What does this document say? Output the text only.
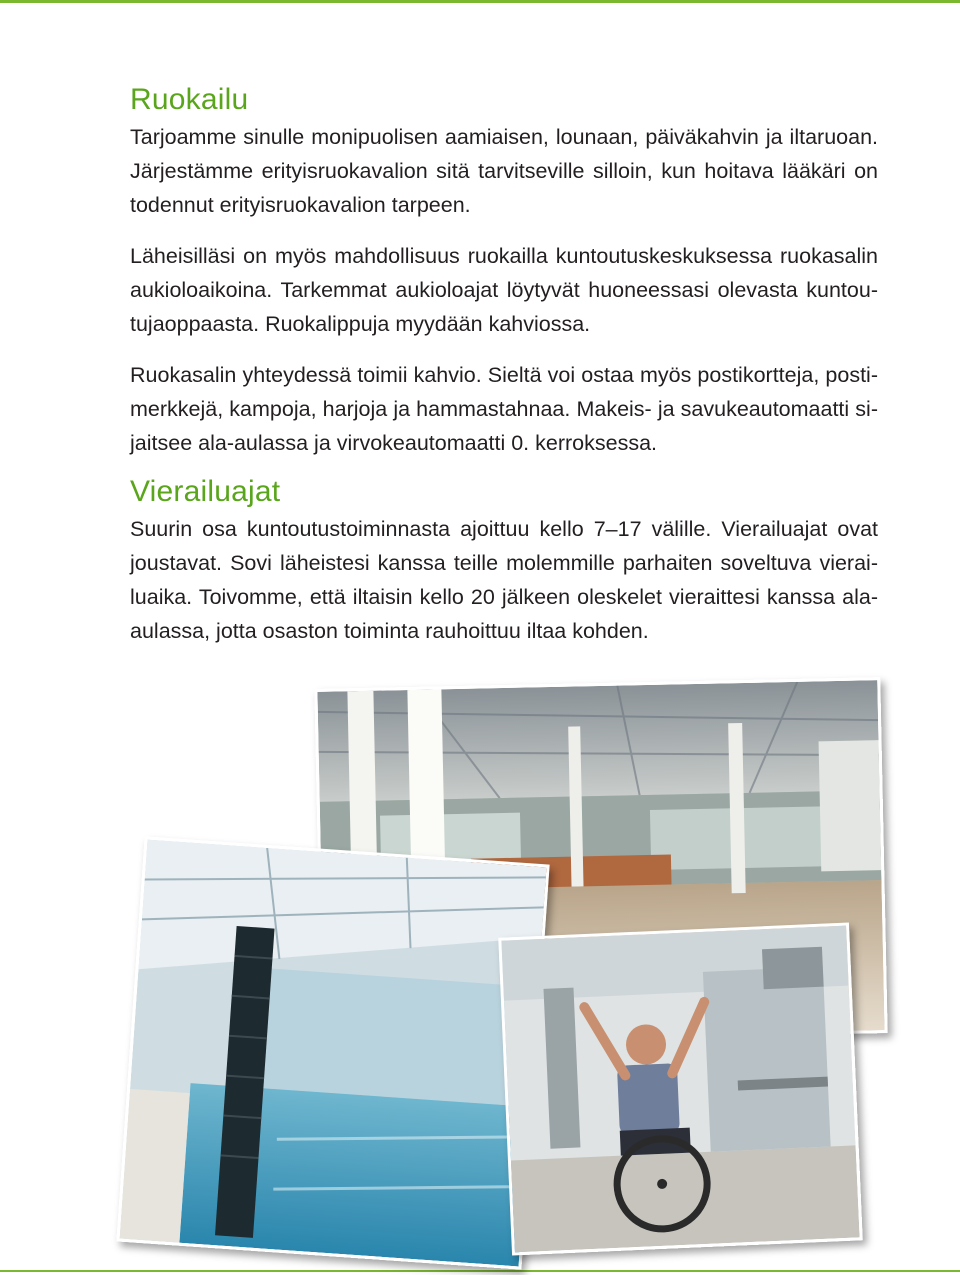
Ruokailu

Tarjoamme sinulle monipuolisen aamiaisen, lounaan, päiväkahvin ja iltaruoan. Järjestämme erityisruokavalion sitä tarvitseville silloin, kun hoitava lääkäri on todennut erityisruokavalion tarpeen.

Läheisilläsi on myös mahdollisuus ruokailla kuntoutuskeskuksessa ruokasalin aukioloaikoina. Tarkemmat aukioloajat löytyvät huoneessasi olevasta kuntoutujaoppaasta. Ruokalippuja myydään kahviossa.

Ruokasalin yhteydessä toimii kahvio. Sieltä voi ostaa myös postikortteja, postimerkkejä, kampoja, harjoja ja hammastahnaa. Makeis- ja savukeautomaatti sijaitsee ala-aulassa ja virvokeautomaatti 0. kerroksessa.

Vierailuajat

Suurin osa kuntoutustoiminnasta ajoittuu kello 7–17 välille. Vierailuajat ovat joustavat. Sovi läheistesi kanssa teille molemmille parhaiten soveltuva vierailuaika. Toivomme, että iltaisin kello 20 jälkeen oleskelet vieraittesi kanssa alaaulassa, jotta osaston toiminta rauhoittuu iltaa kohden.
